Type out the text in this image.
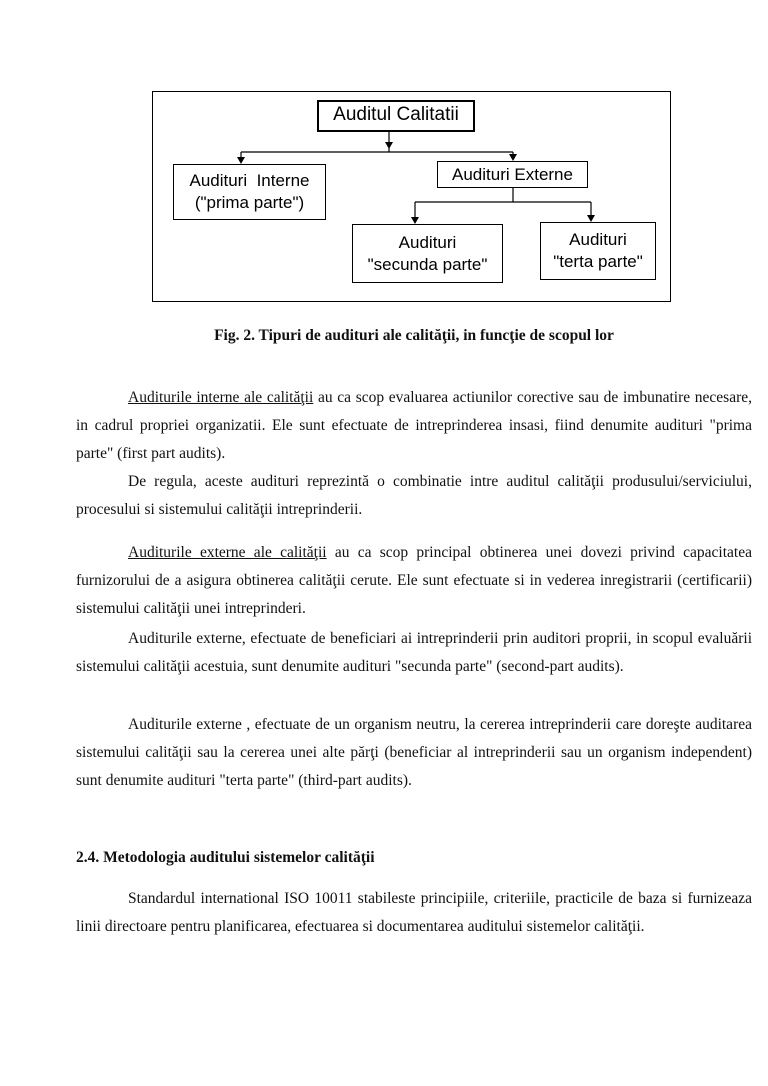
Auditul Calitatii
Audituri  Interne
("prima parte")
Audituri Externe
Audituri
"secunda parte"
Audituri
"terta parte"
Fig. 2. Tipuri de audituri ale calităţii, in funcţie de scopul lor

Auditurile interne ale calităţii au ca scop evaluarea actiunilor corective sau de imbunatire necesare, in cadrul propriei organizatii. Ele sunt efectuate de intreprinderea insasi, fiind denumite audituri "prima parte" (first part audits).

De regula, aceste audituri reprezintă o combinatie intre auditul calităţii produsului/serviciului, procesului si sistemului calităţii intreprinderii.

Auditurile externe ale calităţii au ca scop principal obtinerea unei dovezi privind capacitatea furnizorului de a asigura obtinerea calităţii cerute. Ele sunt efectuate si in vederea inregistrarii (certificarii) sistemului calităţii unei intreprinderi.

Auditurile externe, efectuate de beneficiari ai intreprinderii prin auditori proprii, in scopul evaluării sistemului calităţii acestuia, sunt denumite audituri "secunda parte" (second-part audits).

Auditurile externe , efectuate de un organism neutru, la cererea intreprinderii care doreşte auditarea sistemului calităţii sau la cererea unei alte părţi (beneficiar al intreprinderii sau un organism independent) sunt denumite audituri "terta parte" (third-part audits).

2.4. Metodologia auditului sistemelor calităţii

Standardul international ISO 10011 stabileste principiile, criteriile, practicile de baza si furnizeaza linii directoare pentru planificarea, efectuarea si documentarea auditului sistemelor calităţii.
